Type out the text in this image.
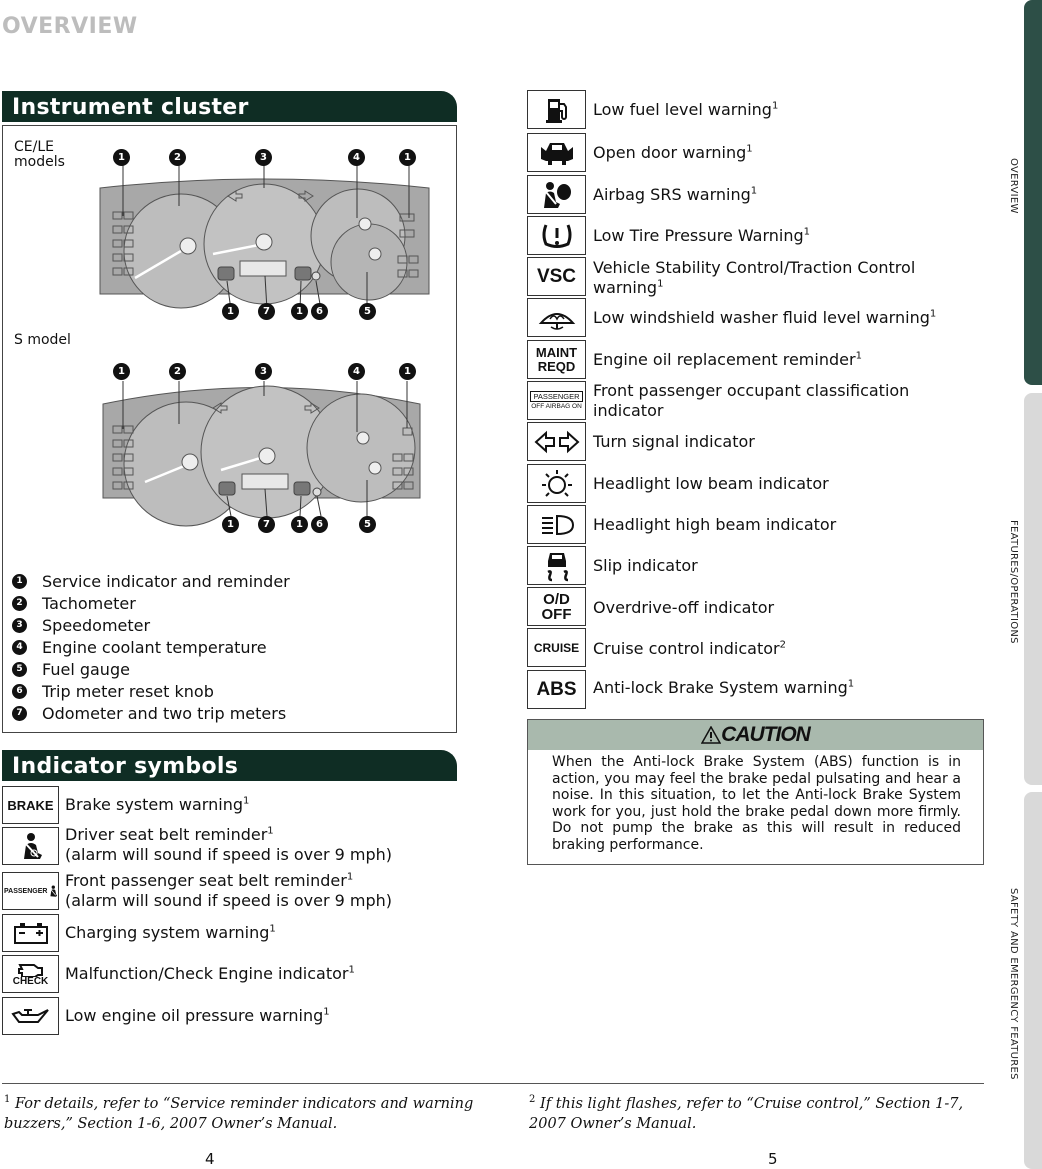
OVERVIEW
OVERVIEW
FEATURES/OPERATIONS
SAFETY AND EMERGENCY FEATURES
Instrument cluster
CE/LE
models
S model
1	2	3	4	1
1	7	1	6	5
1	2	3	4	1
1	7	1	6	5
1 Service indicator and reminder
2 Tachometer
3 Speedometer
4 Engine coolant temperature
5 Fuel gauge
6 Trip meter reset knob
7 Odometer and two trip meters
Indicator symbols
BRAKE Brake system warning$^1$
Driver seat belt reminder$^1$
(alarm will sound if speed is over 9 mph)
PASSENGER
Front passenger seat belt reminder$^1$
(alarm will sound if speed is over 9 mph)
Charging system warning$^1$
CHECK Malfunction/Check Engine indicator$^1$
Low engine oil pressure warning$^1$
Low fuel level warning$^1$
Open door warning$^1$
Airbag SRS warning$^1$
Low Tire Pressure Warning$^1$
VSC Vehicle Stability Control/Traction Control
warning$^1$
Low windshield washer fluid level warning$^1$
MAINT
REQD Engine oil replacement reminder$^1$
PASSENGER
OFF AIRBAG ON
Front passenger occupant classification
indicator
Turn signal indicator
Headlight low beam indicator
Headlight high beam indicator
Slip indicator
O/D
OFF Overdrive-off indicator
CRUISE Cruise control indicator$^2$
ABS Anti-lock Brake System warning$^1$
CAUTION
When the Anti-lock Brake System (ABS) function is in action, you may feel the brake pedal pulsating and hear a noise. In this situation, to let the Anti-lock Brake System work for you, just hold the brake pedal down more firmly. Do not pump the brake as this will result in reduced braking performance.
$^1$ For details, refer to “Service reminder indicators and warning buzzers,” Section 1-6, 2007 Owner’s Manual.
$^2$ If this light flashes, refer to “Cruise control,” Section 1-7, 2007 Owner’s Manual.
4	5
